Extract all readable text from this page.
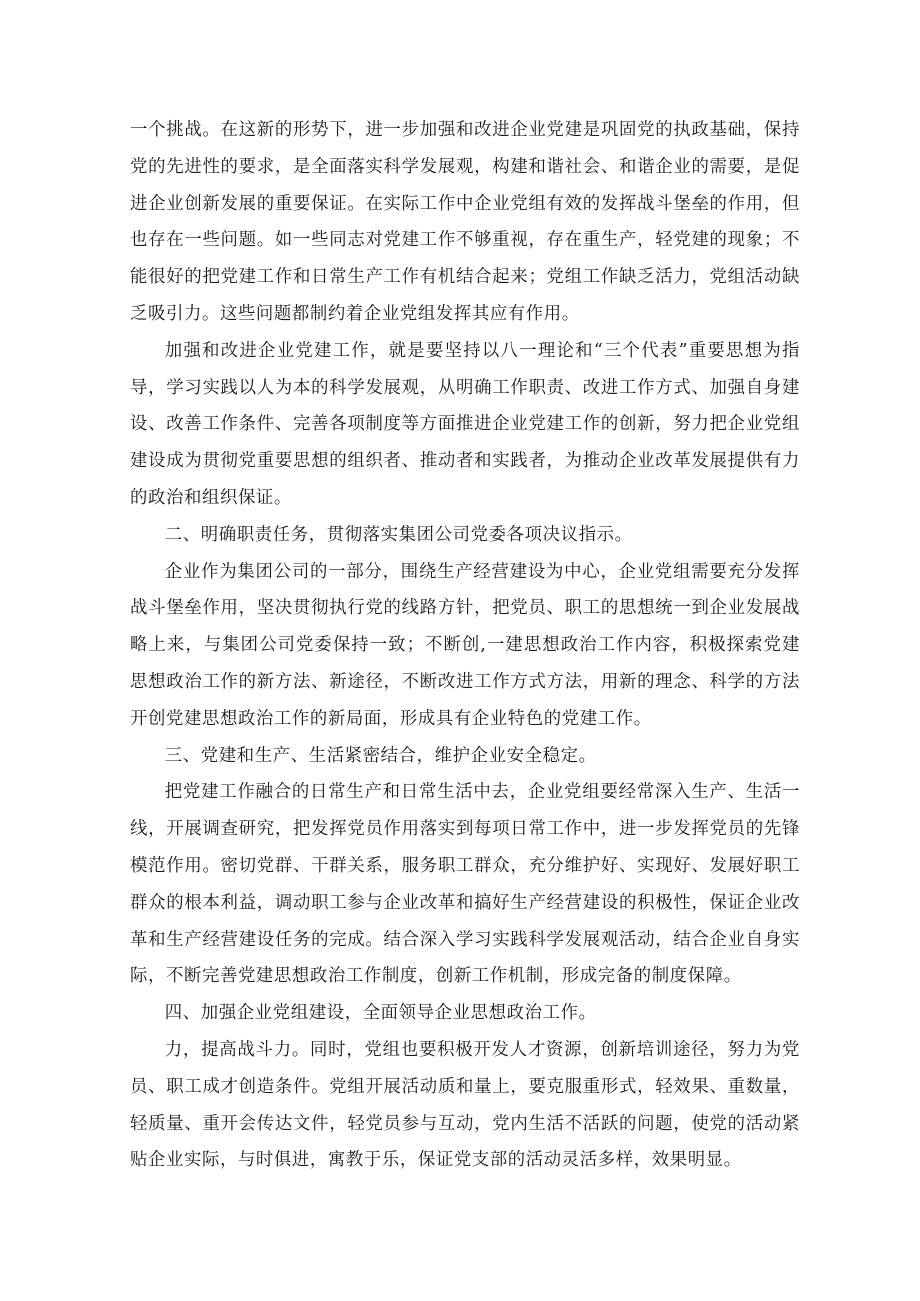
一个挑战。在这新的形势下，进一步加强和改进企业党建是巩固党的执政基础，保持党的先进性的要求，是全面落实科学发展观，构建和谐社会、和谐企业的需要，是促进企业创新发展的重要保证。在实际工作中企业党组有效的发挥战斗堡垒的作用，但也存在一些问题。如一些同志对党建工作不够重视，存在重生产，轻党建的现象；不能很好的把党建工作和日常生产工作有机结合起来；党组工作缺乏活力，党组活动缺乏吸引力。这些问题都制约着企业党组发挥其应有作用。

加强和改进企业党建工作，就是要坚持以八一理论和“三个代表”重要思想为指导，学习实践以人为本的科学发展观，从明确工作职责、改进工作方式、加强自身建设、改善工作条件、完善各项制度等方面推进企业党建工作的创新，努力把企业党组建设成为贯彻党重要思想的组织者、推动者和实践者，为推动企业改革发展提供有力的政治和组织保证。

二、明确职责任务，贯彻落实集团公司党委各项决议指示。

企业作为集团公司的一部分，围绕生产经营建设为中心，企业党组需要充分发挥战斗堡垒作用，坚决贯彻执行党的线路方针，把党员、职工的思想统一到企业发展战略上来，与集团公司党委保持一致；不断创,一建思想政治工作内容，积极探索党建思想政治工作的新方法、新途径，不断改进工作方式方法，用新的理念、科学的方法开创党建思想政治工作的新局面，形成具有企业特色的党建工作。

三、党建和生产、生活紧密结合，维护企业安全稳定。

把党建工作融合的日常生产和日常生活中去，企业党组要经常深入生产、生活一线，开展调查研究，把发挥党员作用落实到每项日常工作中，进一步发挥党员的先锋模范作用。密切党群、干群关系，服务职工群众，充分维护好、实现好、发展好职工群众的根本利益，调动职工参与企业改革和搞好生产经营建设的积极性，保证企业改革和生产经营建设任务的完成。结合深入学习实践科学发展观活动，结合企业自身实际，不断完善党建思想政治工作制度，创新工作机制，形成完备的制度保障。

四、加强企业党组建设，全面领导企业思想政治工作。

力，提高战斗力。同时，党组也要积极开发人才资源，创新培训途径，努力为党员、职工成才创造条件。党组开展活动质和量上，要克服重形式，轻效果、重数量，轻质量、重开会传达文件，轻党员参与互动，党内生活不活跃的问题，使党的活动紧贴企业实际，与时俱进，寓教于乐，保证党支部的活动灵活多样，效果明显。
